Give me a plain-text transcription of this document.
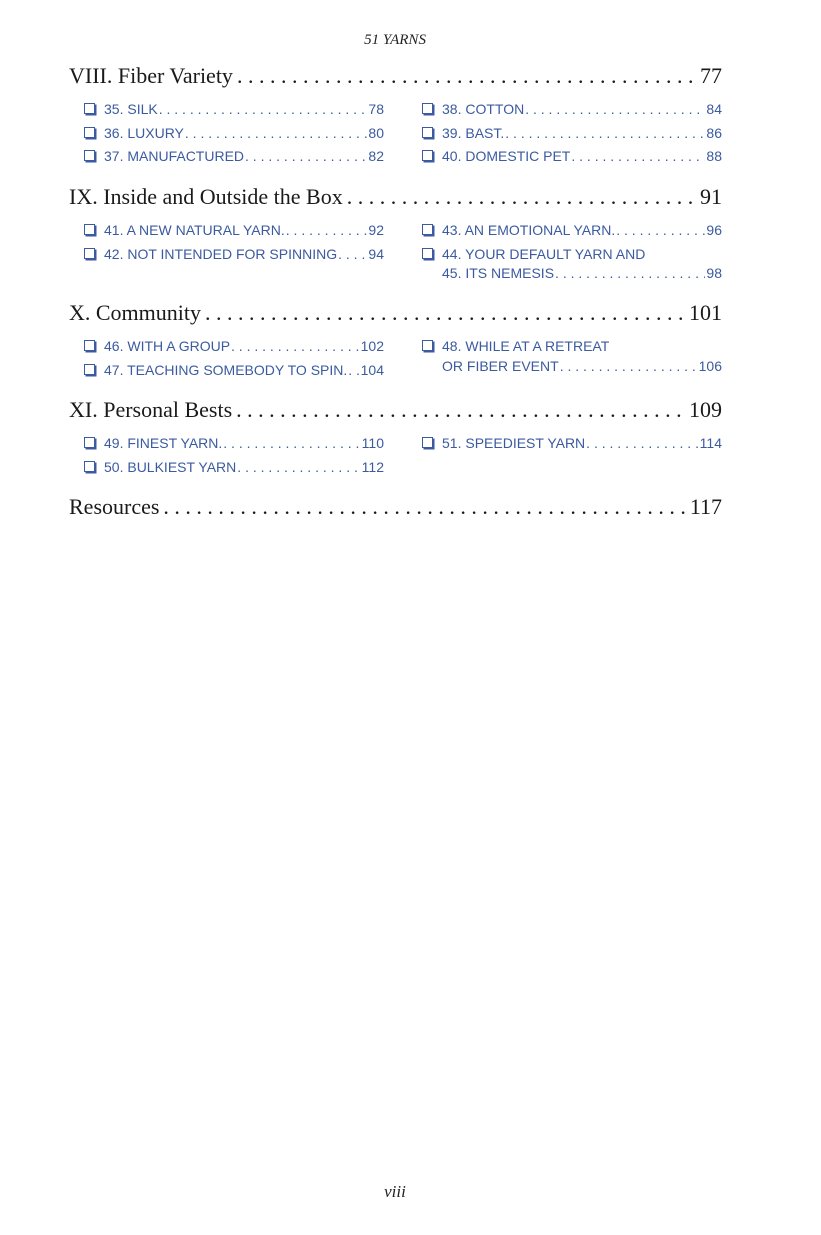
51 YARNS
VIII. Fiber Variety . . .	77
35. SILK . . .	78
36. LUXURY . . .	80
37. MANUFACTURED . . .	82
38. COTTON . . .	84
39. BAST. . . .	86
40. DOMESTIC PET . . .	88
IX. Inside and Outside the Box . . .	91
41. A NEW NATURAL YARN. . . .	92
42. NOT INTENDED FOR SPINNING . . . 94
43. AN EMOTIONAL YARN. . . .	96
44. YOUR DEFAULT YARN AND
45. ITS NEMESIS . . .	98
X. Community . . .	101
46. WITH A GROUP . . .	102
47. TEACHING SOMEBODY TO SPIN. . . . 104
48. WHILE AT A RETREAT
OR FIBER EVENT . . .	106
XI. Personal Bests . . .	109
49. FINEST YARN. . . .	110
50. BULKIEST YARN . . .	112
51. SPEEDIEST YARN . . .	114
Resources . . .	117
viii
